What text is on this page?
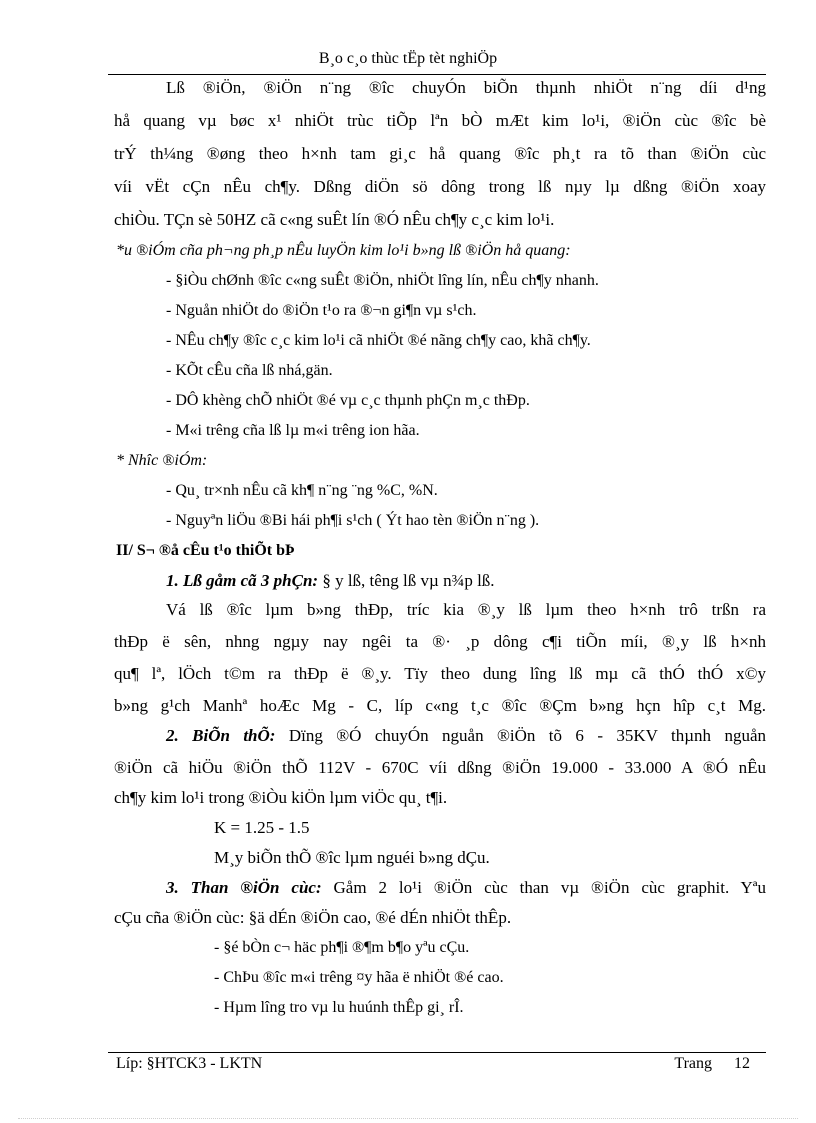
B¸o c¸o thùc tËp tèt nghiÖp
Lß ®iÖn, ®iÖn n¨ng ®îc chuyÓn biÕn thµnh nhiÖt n¨ng díi d¹ng
hå quang vµ bøc x¹ nhiÖt trùc tiÕp lªn bÒ mÆt kim lo¹i, ®iÖn cùc ®îc bè
trÝ th¼ng ®øng theo h×nh tam gi¸c hå quang ®îc ph¸t ra tõ than ®iÖn cùc
víi vËt cÇn nÊu ch¶y. Dßng diÖn sö dông trong lß nµy lµ dßng ®iÖn xoay
chiÒu. TÇn sè 50HZ cã c«ng suÊt lín ®Ó nÊu ch¶y c¸c kim lo¹i.
*u ®iÓm cña ph¬ng ph¸p nÊu luyÖn kim lo¹i b»ng lß ®iÖn hå quang:
- §iÒu chØnh ®îc c«ng suÊt ®iÖn, nhiÖt lîng lín, nÊu ch¶y nhanh.
- Nguån nhiÖt do ®iÖn t¹o ra ®¬n gi¶n vµ s¹ch.
- NÊu ch¶y ®îc c¸c kim lo¹i cã nhiÖt ®é nãng ch¶y cao, khã ch¶y.
- KÕt cÊu cña lß nhá,gän.
- DÔ khèng chÕ nhiÖt ®é vµ c¸c thµnh phÇn m¸c thÐp.
- M«i trêng cña lß lµ m«i trêng ion hãa.
* Nhîc ®iÓm:
- Qu¸ tr×nh nÊu cã kh¶ n¨ng ¨ng %C, %N.
- Nguyªn liÖu ®Bi hái ph¶i s¹ch ( Ýt hao tèn ®iÖn n¨ng ).
II/ S¬ ®å cÊu t¹o thiÕt bÞ
1. Lß gåm cã 3 phÇn: § y lß, têng lß vµ n¾p lß.
Vá lß ®îc lµm b»ng thÐp, tríc kia ®¸y lß lµm theo h×nh trô trßn ra
thÐp ë sên, nhng ngµy nay ngêi ta ®· ¸p dông c¶i tiÕn míi, ®¸y lß h×nh
qu¶ lª, lÖch t©m ra thÐp ë ®¸y. Tïy theo dung lîng lß mµ cã thÓ thÓ x©y
b»ng g¹ch Manhª hoÆc Mg - C, líp c«ng t¸c ®îc ®Çm b»ng hçn hîp c¸t Mg.
2. BiÕn thÕ: Dïng ®Ó chuyÓn nguån ®iÖn tõ 6 - 35KV thµnh nguån
®iÖn cã hiÖu ®iÖn thÕ 112V - 670C víi dßng ®iÖn 19.000 - 33.000 A ®Ó nÊu
ch¶y kim lo¹i trong ®iÒu kiÖn lµm viÖc qu¸ t¶i.
K = 1.25 - 1.5
M¸y biÕn thÕ ®îc lµm nguéi b»ng dÇu.
3. Than ®iÖn cùc: Gåm 2 lo¹i ®iÖn cùc than vµ ®iÖn cùc graphit. Yªu
cÇu cña ®iÖn cùc: §ä dÉn ®iÖn cao, ®é dÉn nhiÖt thÊp.
- §é bÒn c¬ häc ph¶i ®¶m b¶o yªu cÇu.
- ChÞu ®îc m«i trêng ¤y hãa ë nhiÖt ®é cao.
- Hµm lîng tro vµ lu huúnh thÊp gi¸ rÎ.
Líp: §HTCK3 - LKTN	Trang 12
